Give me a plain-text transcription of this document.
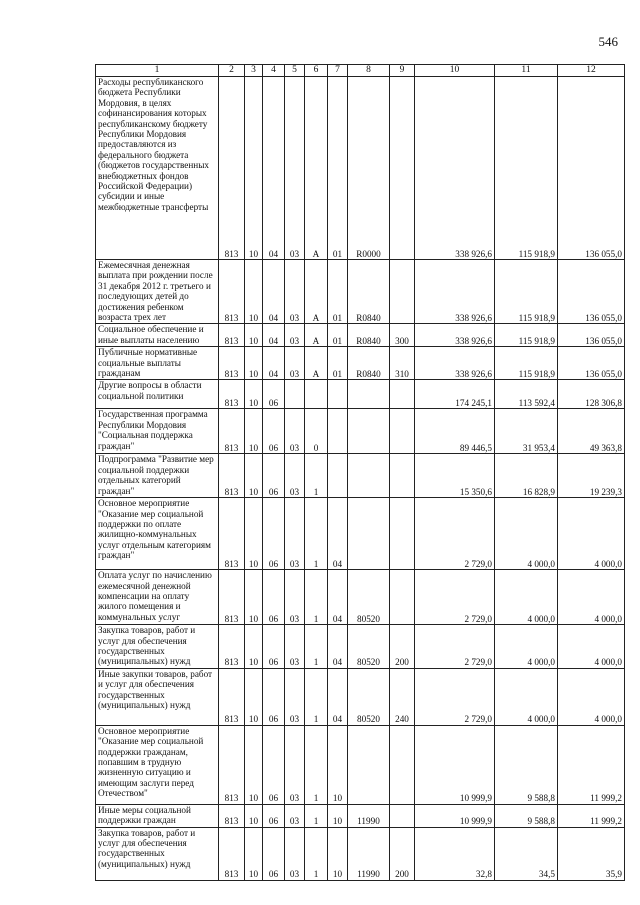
546
1	2	3	4	5	6	7	8	9	10	11	12
Расходы республиканского бюджета Республики Мордовия, в целях софинансирования которых республиканскому бюджету Республики Мордовия предоставляются из федерального бюджета (бюджетов государственных внебюджетных фондов Российской Федерации) субсидии и иные межбюджетные трансферты	813	10	04	03	А	01	R0000		338 926,6	115 918,9	136 055,0
Ежемесячная денежная выплата при рождении после 31 декабря 2012 г. третьего и последующих детей до достижения ребенком возраста трех лет	813	10	04	03	А	01	R0840		338 926,6	115 918,9	136 055,0
Социальное обеспечение и иные выплаты населению	813	10	04	03	А	01	R0840	300	338 926,6	115 918,9	136 055,0
Публичные нормативные социальные выплаты гражданам	813	10	04	03	А	01	R0840	310	338 926,6	115 918,9	136 055,0
Другие вопросы в области социальной политики	813	10	06						174 245,1	113 592,4	128 306,8
Государственная программа Республики Мордовия "Социальная поддержка граждан"	813	10	06	03	0				89 446,5	31 953,4	49 363,8
Подпрограмма "Развитие мер социальной поддержки отдельных категорий граждан"	813	10	06	03	1				15 350,6	16 828,9	19 239,3
Основное мероприятие "Оказание мер социальной поддержки по оплате жилищно-коммунальных услуг отдельным категориям граждан"	813	10	06	03	1	04			2 729,0	4 000,0	4 000,0
Оплата услуг по начислению ежемесячной денежной компенсации на оплату жилого помещения и коммунальных услуг	813	10	06	03	1	04	80520		2 729,0	4 000,0	4 000,0
Закупка товаров, работ и услуг для обеспечения государственных (муниципальных) нужд	813	10	06	03	1	04	80520	200	2 729,0	4 000,0	4 000,0
Иные закупки товаров, работ и услуг для обеспечения государственных (муниципальных) нужд	813	10	06	03	1	04	80520	240	2 729,0	4 000,0	4 000,0
Основное мероприятие "Оказание мер социальной поддержки гражданам, попавшим в трудную жизненную ситуацию и имеющим заслуги перед Отечеством"	813	10	06	03	1	10			10 999,9	9 588,8	11 999,2
Иные меры социальной поддержки граждан	813	10	06	03	1	10	11990		10 999,9	9 588,8	11 999,2
Закупка товаров, работ и услуг для обеспечения государственных (муниципальных) нужд	813	10	06	03	1	10	11990	200	32,8	34,5	35,9
